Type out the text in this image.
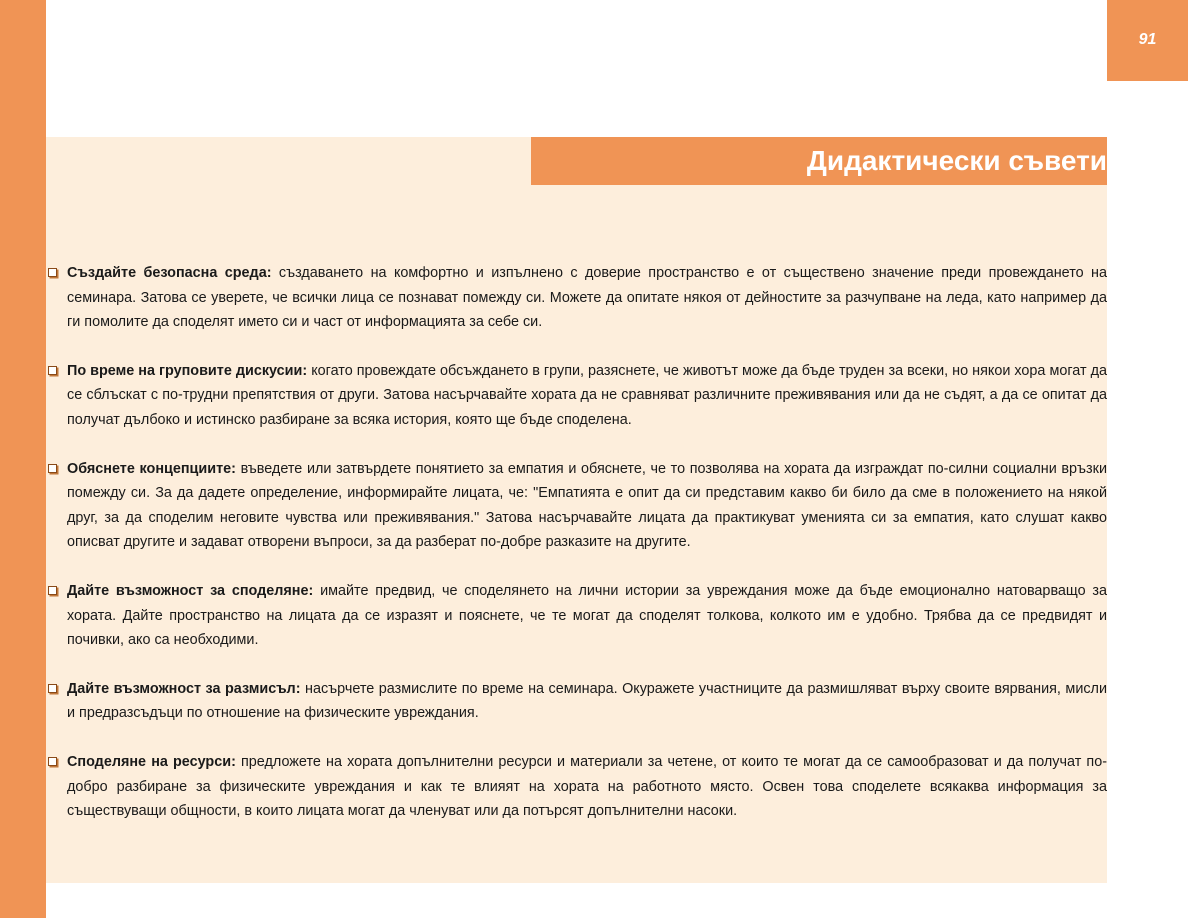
91
Дидактически съвети
Създайте безопасна среда: създаването на комфортно и изпълнено с доверие пространство е от съществено значение преди провеждането на семинара. Затова се уверете, че всички лица се познават помежду си. Можете да опитате някоя от дейностите за разчупване на леда, като например да ги помолите да споделят името си и част от информацията за себе си.
По време на груповите дискусии: когато провеждате обсъждането в групи, разяснете, че животът може да бъде труден за всеки, но някои хора могат да се сблъскат с по-трудни препятствия от други. Затова насърчавайте хората да не сравняват различните преживявания или да не съдят, а да се опитат да получат дълбоко и истинско разбиране за всяка история, която ще бъде споделена.
Обяснете концепциите: въведете или затвърдете понятието за емпатия и обяснете, че то позволява на хората да изграждат по-силни социални връзки помежду си. За да дадете определение, информирайте лицата, че: "Емпатията е опит да си представим какво би било да сме в положението на някой друг, за да споделим неговите чувства или преживявания." Затова насърчавайте лицата да практикуват уменията си за емпатия, като слушат какво описват другите и задават отворени въпроси, за да разберат по-добре разказите на другите.
Дайте възможност за споделяне: имайте предвид, че споделянето на лични истории за увреждания може да бъде емоционално натоварващо за хората. Дайте пространство на лицата да се изразят и пояснете, че те могат да споделят толкова, колкото им е удобно. Трябва да се предвидят и почивки, ако са необходими.
Дайте възможност за размисъл: насърчете размислите по време на семинара. Окуражете участниците да размишляват върху своите вярвания, мисли и предразсъдъци по отношение на физическите увреждания.
Споделяне на ресурси: предложете на хората допълнителни ресурси и материали за четене, от които те могат да се самообразоват и да получат по-добро разбиране за физическите увреждания и как те влияят на хората на работното място. Освен това споделете всякаква информация за съществуващи общности, в които лицата могат да членуват или да потърсят допълнителни насоки.
